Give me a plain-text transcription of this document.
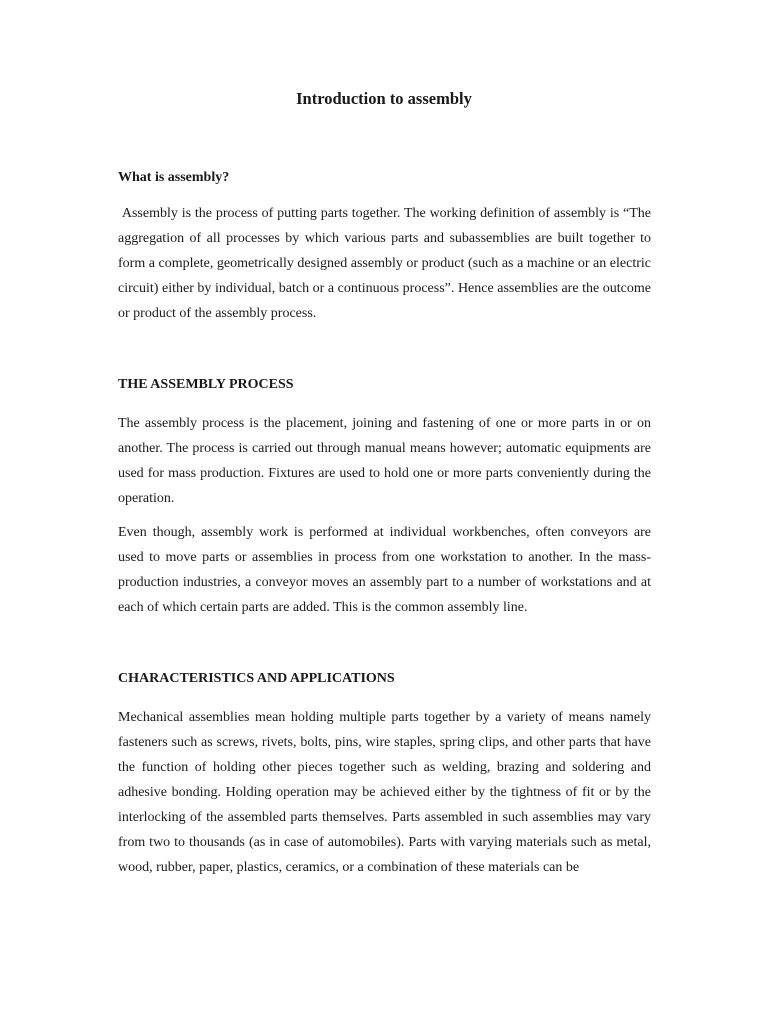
Introduction to assembly
What is assembly?

Assembly is the process of putting parts together. The working definition of assembly is “The aggregation of all processes by which various parts and subassemblies are built together to form a complete, geometrically designed assembly or product (such as a machine or an electric circuit) either by individual, batch or a continuous process”. Hence assemblies are the outcome or product of the assembly process.

THE ASSEMBLY PROCESS

The assembly process is the placement, joining and fastening of one or more parts in or on another. The process is carried out through manual means however; automatic equipments are used for mass production. Fixtures are used to hold one or more parts conveniently during the operation.

Even though, assembly work is performed at individual workbenches, often conveyors are used to move parts or assemblies in process from one workstation to another. In the mass-production industries, a conveyor moves an assembly part to a number of workstations and at each of which certain parts are added. This is the common assembly line.

CHARACTERISTICS AND APPLICATIONS

Mechanical assemblies mean holding multiple parts together by a variety of means namely fasteners such as screws, rivets, bolts, pins, wire staples, spring clips, and other parts that have the function of holding other pieces together such as welding, brazing and soldering and adhesive bonding. Holding operation may be achieved either by the tightness of fit or by the interlocking of the assembled parts themselves. Parts assembled in such assemblies may vary from two to thousands (as in case of automobiles). Parts with varying materials such as metal, wood, rubber, paper, plastics, ceramics, or a combination of these materials can be
